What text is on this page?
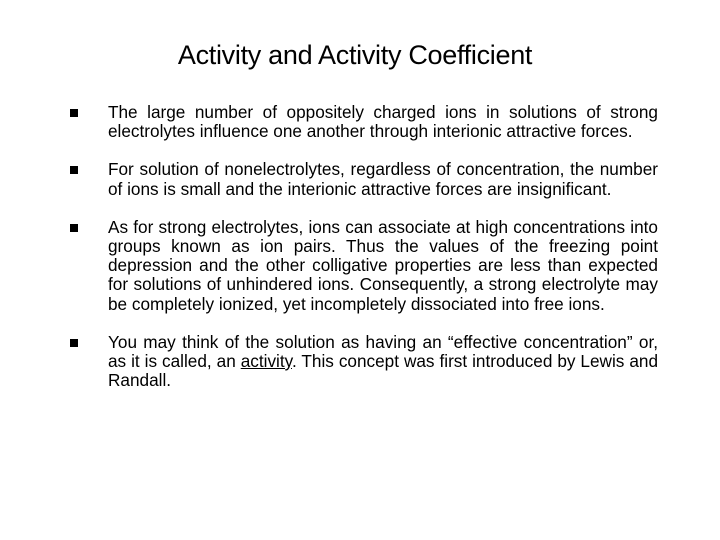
Activity and Activity Coefficient
The large number of oppositely charged ions in solutions of strong electrolytes influence one another through interionic attractive forces.
For solution of nonelectrolytes, regardless of concentration, the number of ions is small and the interionic attractive forces are insignificant.
As for strong electrolytes, ions can associate at high concentrations into groups known as ion pairs. Thus the values of the freezing point depression and the other colligative properties are less than expected for solutions of unhindered ions. Consequently, a strong electrolyte may be completely ionized, yet incompletely dissociated into free ions.
You may think of the solution as having an “effective concentration” or, as it is called, an activity. This concept was first introduced by Lewis and Randall.
